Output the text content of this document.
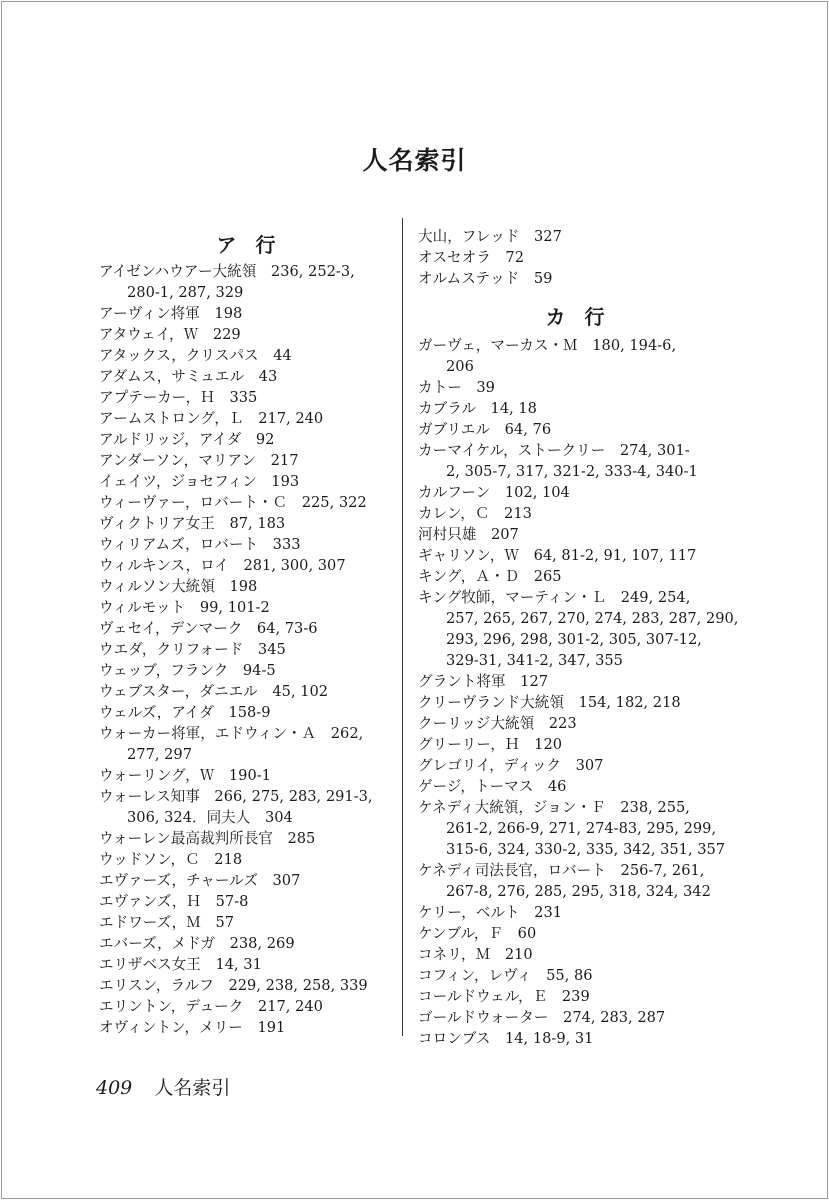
人名索引
ア 行
アイゼンハウアー大統領　236, 252-3,
280-1, 287, 329
アーヴィン将軍　198
アタウェイ，Ｗ　229
アタックス，クリスパス　44
アダムス，サミュエル　43
アプテーカー，Ｈ　335
アームストロング，Ｌ　217, 240
アルドリッジ，アイダ　92
アンダーソン，マリアン　217
イェイツ，ジョセフィン　193
ウィーヴァー，ロバート・Ｃ　225, 322
ヴィクトリア女王　87, 183
ウィリアムズ，ロバート　333
ウィルキンス，ロイ　281, 300, 307
ウィルソン大統領　198
ウィルモット　99, 101-2
ヴェセイ，デンマーク　64, 73-6
ウエダ，クリフォード　345
ウェッブ，フランク　94-5
ウェブスター，ダニエル　45, 102
ウェルズ，アイダ　158-9
ウォーカー将軍，エドウィン・Ａ　262,
277, 297
ウォーリング，Ｗ　190-1
ウォーレス知事　266, 275, 283, 291-3,
306, 324．同夫人　304
ウォーレン最高裁判所長官　285
ウッドソン，Ｃ　218
エヴァーズ，チャールズ　307
エヴァンズ，Ｈ　57-8
エドワーズ，Ｍ　57
エバーズ，メドガ　238, 269
エリザベス女王　14, 31
エリスン，ラルフ　229, 238, 258, 339
エリントン，デューク　217, 240
オヴィントン，メリー　191
大山，フレッド　327
オスセオラ　72
オルムステッド　59
カ 行
ガーヴェ，マーカス・Ｍ　180, 194-6,
206
カトー　39
カブラル　14, 18
ガブリエル　64, 76
カーマイケル，ストークリー　274, 301-
2, 305-7, 317, 321-2, 333-4, 340-1
カルフーン　102, 104
カレン，Ｃ　213
河村只雄　207
ギャリソン，Ｗ　64, 81-2, 91, 107, 117
キング，Ａ・Ｄ　265
キング牧師，マーティン・Ｌ　249, 254,
257, 265, 267, 270, 274, 283, 287, 290,
293, 296, 298, 301-2, 305, 307-12,
329-31, 341-2, 347, 355
グラント将軍　127
クリーヴランド大統領　154, 182, 218
クーリッジ大統領　223
グリーリー，Ｈ　120
グレゴリイ，ディック　307
ゲージ，トーマス　46
ケネディ大統領，ジョン・Ｆ　238, 255,
261-2, 266-9, 271, 274-83, 295, 299,
315-6, 324, 330-2, 335, 342, 351, 357
ケネディ司法長官，ロバート　256-7, 261,
267-8, 276, 285, 295, 318, 324, 342
ケリー，ベルト　231
ケンブル，Ｆ　60
コネリ，Ｍ　210
コフィン，レヴィ　55, 86
コールドウェル，Ｅ　239
ゴールドウォーター　274, 283, 287
コロンブス　14, 18-9, 31
409 人名索引
